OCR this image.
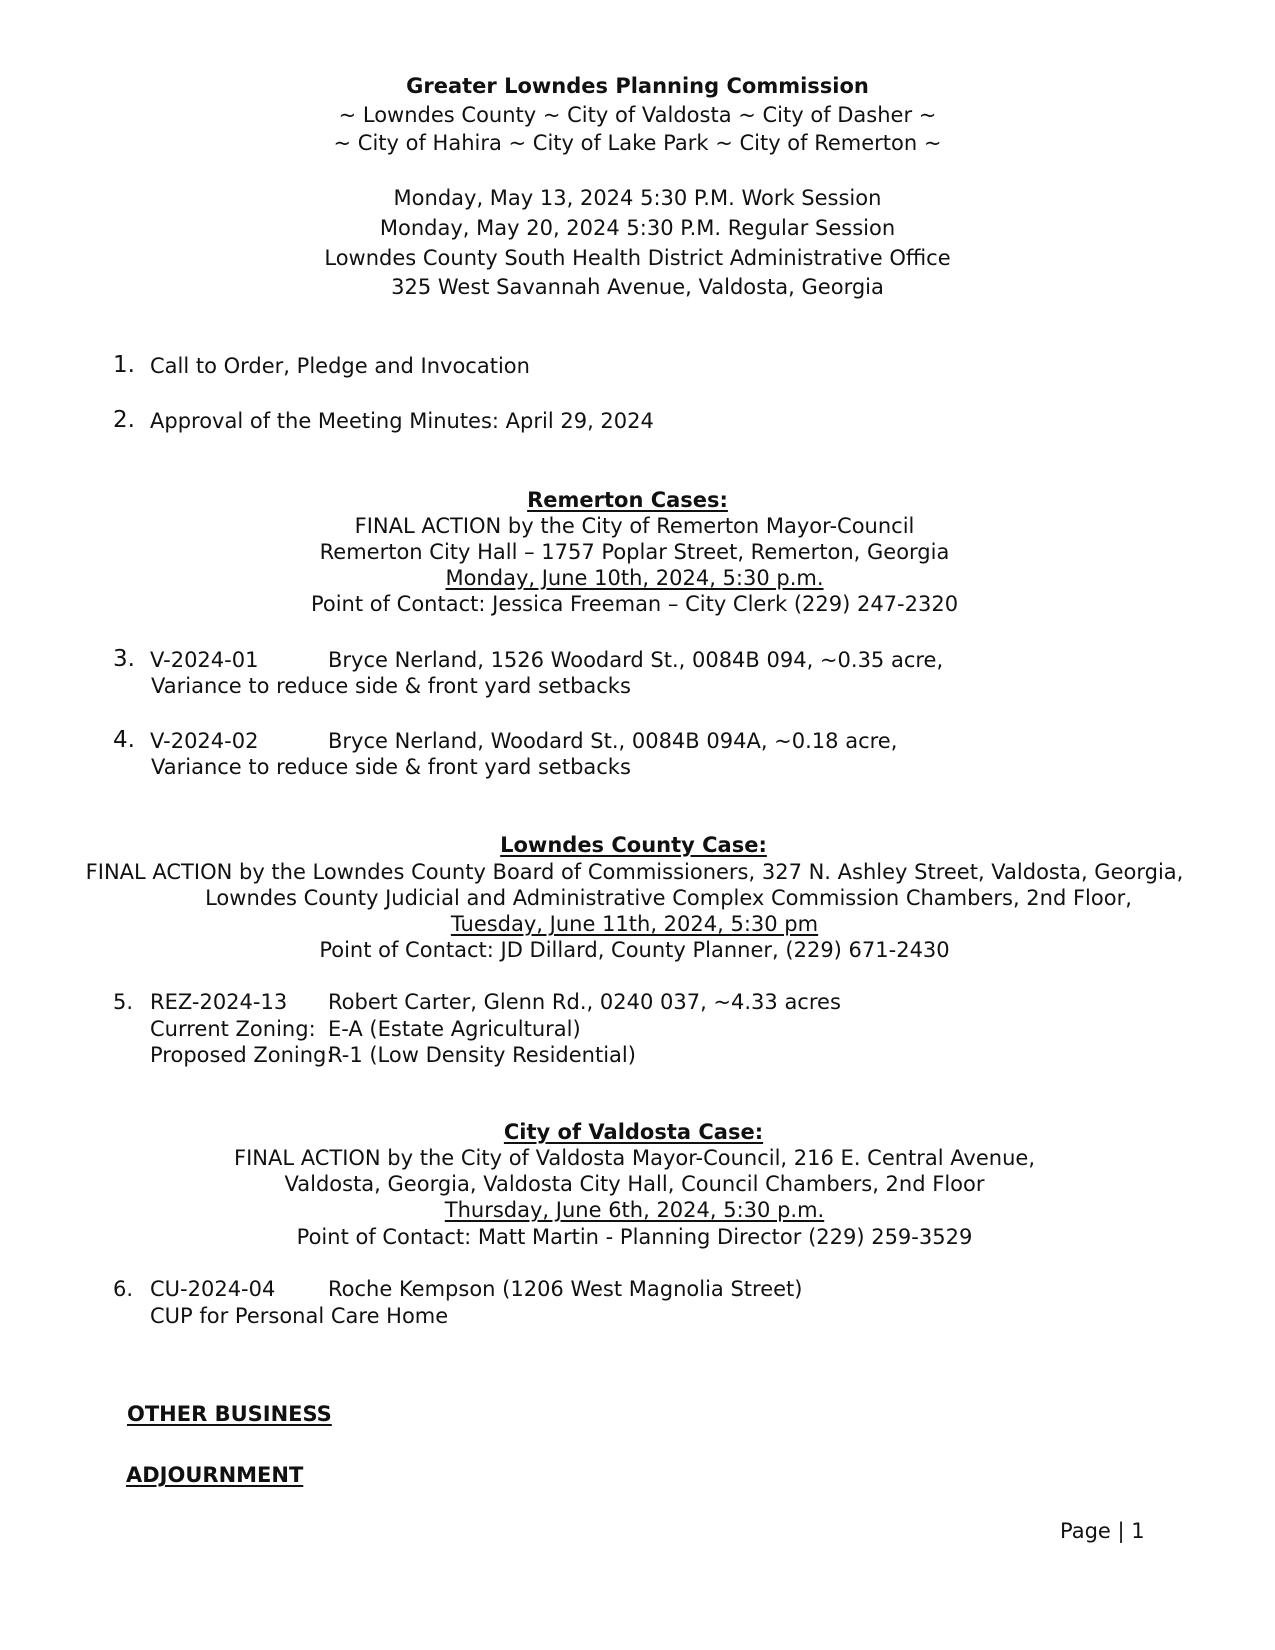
Greater Lowndes Planning Commission
~ Lowndes County ~ City of Valdosta ~ City of Dasher ~
~ City of Hahira ~ City of Lake Park ~ City of Remerton ~
Monday, May 13, 2024 5:30 P.M. Work Session
Monday, May 20, 2024 5:30 P.M. Regular Session
Lowndes County South Health District Administrative Office
325 West Savannah Avenue, Valdosta, Georgia
1. Call to Order, Pledge and Invocation
2. Approval of the Meeting Minutes: April 29, 2024
Remerton Cases:
FINAL ACTION by the City of Remerton Mayor-Council
Remerton City Hall – 1757 Poplar Street, Remerton, Georgia
Monday, June 10th, 2024, 5:30 p.m.
Point of Contact: Jessica Freeman – City Clerk (229) 247-2320
3. V-2024-01	Bryce Nerland, 1526 Woodard St., 0084B 094, ~0.35 acre,
Variance to reduce side & front yard setbacks
4. V-2024-02	Bryce Nerland, Woodard St., 0084B 094A, ~0.18 acre,
Variance to reduce side & front yard setbacks
Lowndes County Case:
FINAL ACTION by the Lowndes County Board of Commissioners, 327 N. Ashley Street, Valdosta, Georgia,
Lowndes County Judicial and Administrative Complex Commission Chambers, 2nd Floor,
Tuesday, June 11th, 2024, 5:30 pm
Point of Contact: JD Dillard, County Planner, (229) 671-2430
5. REZ-2024-13 Robert Carter, Glenn Rd., 0240 037, ~4.33 acres
Current Zoning: E-A (Estate Agricultural)
Proposed Zoning:
R-1 (Low Density Residential)
City of Valdosta Case:
FINAL ACTION by the City of Valdosta Mayor-Council, 216 E. Central Avenue,
Valdosta, Georgia, Valdosta City Hall, Council Chambers, 2nd Floor
Thursday, June 6th, 2024, 5:30 p.m.
Point of Contact: Matt Martin - Planning Director (229) 259-3529
6. CU-2024-04	Roche Kempson (1206 West Magnolia Street)
CUP for Personal Care Home
OTHER BUSINESS
ADJOURNMENT
Page | 1
